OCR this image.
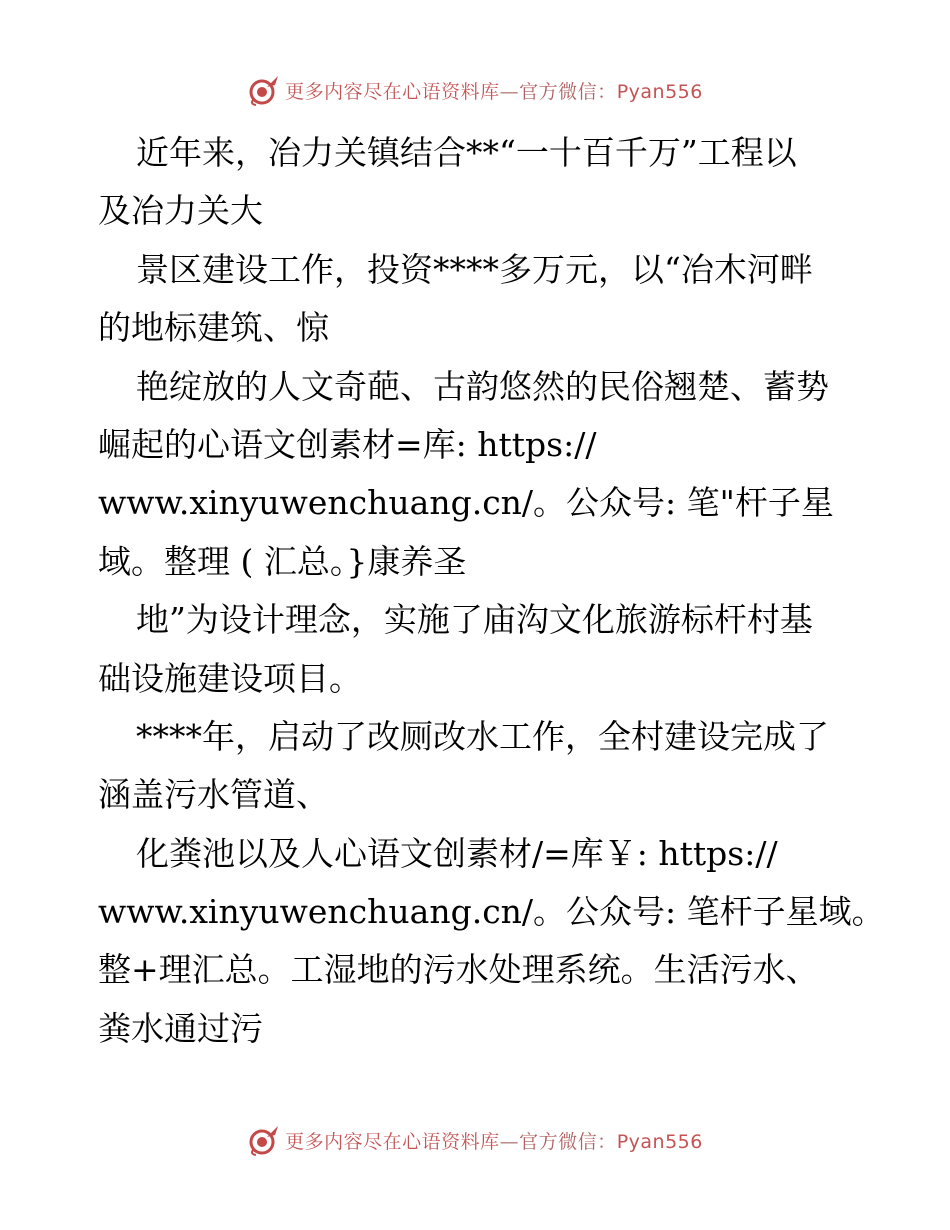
更多内容尽在心语资料库—官方微信：Pyan556
近年来，冶力关镇结合**“一十百千万”工程以
及冶力关大
景区建设工作，投资****多万元，以“冶木河畔
的地标建筑、惊
艳绽放的人文奇葩、古韵悠然的民俗翘楚、蓄势
崛起的心语文创素材=库: https://
www.xinyuwenchuang.cn/。公众号: 笔"杆子星
域。整理 ( 汇总。}康养圣
地”为设计理念，实施了庙沟文化旅游标杆村基
础设施建设项目。
****年，启动了改厕改水工作，全村建设完成了
涵盖污水管道、
化粪池以及人心语文创素材/=库￥: https://
www.xinyuwenchuang.cn/。公众号: 笔杆子星域。
整+理汇总。工湿地的污水处理系统。生活污水、
粪水通过污
更多内容尽在心语资料库—官方微信：Pyan556
